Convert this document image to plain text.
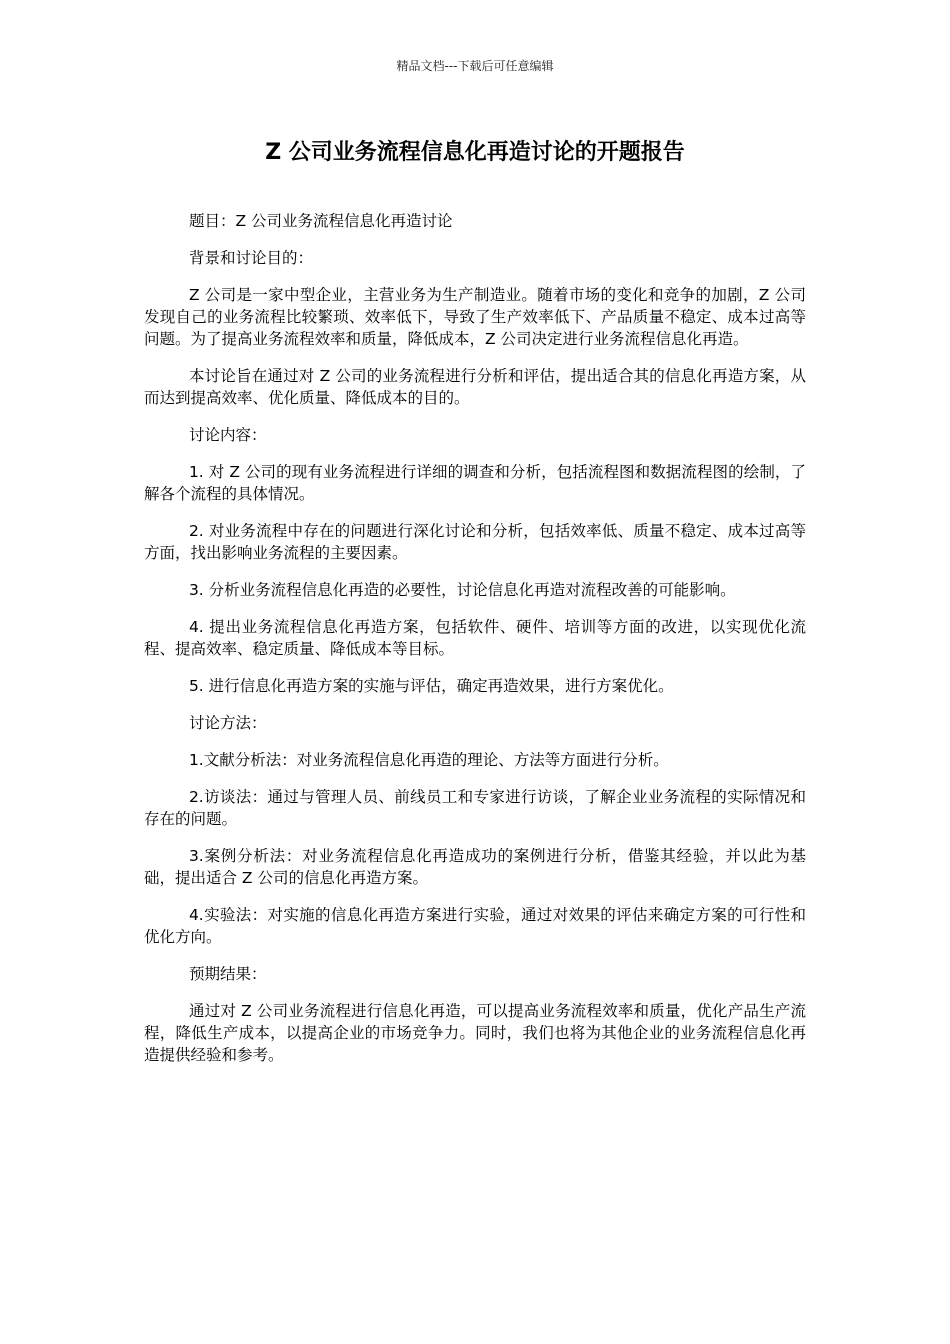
精品文档---下载后可任意编辑
Z 公司业务流程信息化再造讨论的开题报告

题目：Z 公司业务流程信息化再造讨论

背景和讨论目的：

Z 公司是一家中型企业，主营业务为生产制造业。随着市场的变化和竞争的加剧，Z 公司发现自己的业务流程比较繁琐、效率低下，导致了生产效率低下、产品质量不稳定、成本过高等问题。为了提高业务流程效率和质量，降低成本，Z 公司决定进行业务流程信息化再造。

本讨论旨在通过对 Z 公司的业务流程进行分析和评估，提出适合其的信息化再造方案，从而达到提高效率、优化质量、降低成本的目的。

讨论内容：

1. 对 Z 公司的现有业务流程进行详细的调查和分析，包括流程图和数据流程图的绘制，了解各个流程的具体情况。

2. 对业务流程中存在的问题进行深化讨论和分析，包括效率低、质量不稳定、成本过高等方面，找出影响业务流程的主要因素。

3. 分析业务流程信息化再造的必要性，讨论信息化再造对流程改善的可能影响。

4. 提出业务流程信息化再造方案，包括软件、硬件、培训等方面的改进，以实现优化流程、提高效率、稳定质量、降低成本等目标。

5. 进行信息化再造方案的实施与评估，确定再造效果，进行方案优化。

讨论方法：

1.文献分析法：对业务流程信息化再造的理论、方法等方面进行分析。

2.访谈法：通过与管理人员、前线员工和专家进行访谈，了解企业业务流程的实际情况和存在的问题。

3.案例分析法：对业务流程信息化再造成功的案例进行分析，借鉴其经验，并以此为基础，提出适合 Z 公司的信息化再造方案。

4.实验法：对实施的信息化再造方案进行实验，通过对效果的评估来确定方案的可行性和优化方向。

预期结果：

通过对 Z 公司业务流程进行信息化再造，可以提高业务流程效率和质量，优化产品生产流程，降低生产成本，以提高企业的市场竞争力。同时，我们也将为其他企业的业务流程信息化再造提供经验和参考。
